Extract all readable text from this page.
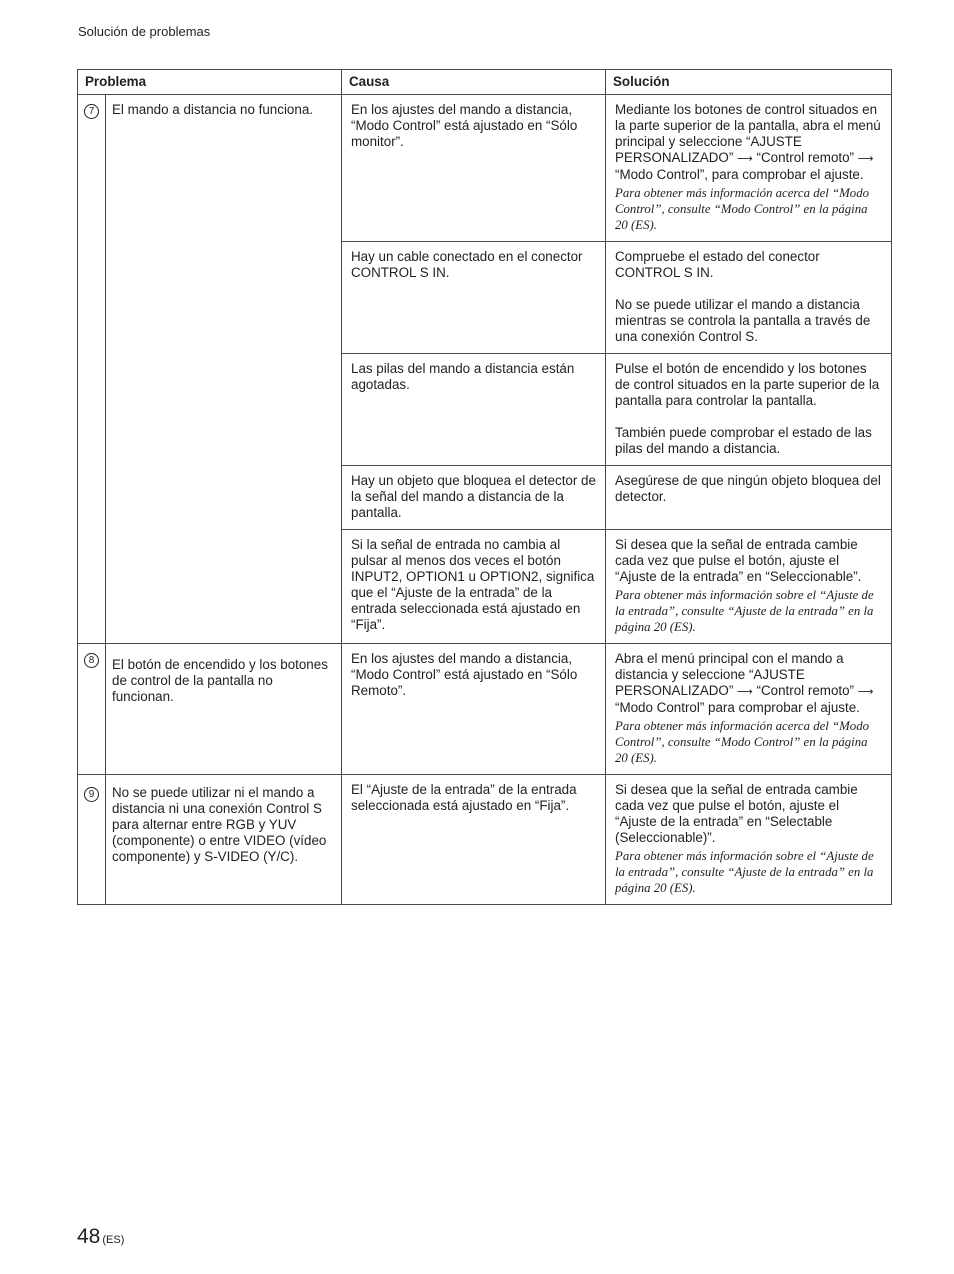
Solución de problemas
Problema		Causa	Solución
7	El mando a distancia no funciona.	En los ajustes del mando a distancia, “Modo Control” está ajustado en “Sólo monitor”.	Mediante los botones de control situados en la parte superior de la pantalla, abra el menú principal y seleccione “AJUSTE PERSONALIZADO” ⟶ “Control remoto” ⟶ “Modo Control”, para comprobar el ajuste.
Para obtener más información acerca del “Modo Control”, consulte “Modo Control” en la página 20 (ES).

		Hay un cable conectado en el conector CONTROL S IN.	Compruebe el estado del conector CONTROL S IN.
No se puede utilizar el mando a distancia mientras se controla la pantalla a través de una conexión Control S.

		Las pilas del mando a distancia están agotadas.	Pulse el botón de encendido y los botones de control situados en la parte superior de la pantalla para controlar la pantalla.
También puede comprobar el estado de las pilas del mando a distancia.

		Hay un objeto que bloquea el detector de la señal del mando a distancia de la pantalla.	Asegúrese de que ningún objeto bloquea del detector.
		Si la señal de entrada no cambia al pulsar al menos dos veces el botón INPUT2, OPTION1 u OPTION2, significa que el “Ajuste de la entrada” de la entrada seleccionada está ajustado en “Fija”.	Si desea que la señal de entrada cambie cada vez que pulse el botón, ajuste el “Ajuste de la entrada” en “Seleccionable”.
Para obtener más información sobre el “Ajuste de la entrada”, consulte “Ajuste de la entrada” en la página 20 (ES).

8	El botón de encendido y los botones de control de la pantalla no funcionan.	En los ajustes del mando a distancia, “Modo Control” está ajustado en “Sólo Remoto”.	Abra el menú principal con el mando a distancia y seleccione “AJUSTE PERSONALIZADO” ⟶ “Control remoto” ⟶ “Modo Control” para comprobar el ajuste.
Para obtener más información acerca del “Modo Control”, consulte “Modo Control” en la página 20 (ES).

9	No se puede utilizar ni el mando a distancia ni una conexión Control S para alternar entre RGB y YUV (componente) o entre VIDEO (vídeo componente) y S-VIDEO (Y/C).	El “Ajuste de la entrada” de la entrada seleccionada está ajustado en “Fija”.	Si desea que la señal de entrada cambie cada vez que pulse el botón, ajuste el “Ajuste de la entrada” en “Selectable (Seleccionable)”.
Para obtener más información sobre el “Ajuste de la entrada”, consulte “Ajuste de la entrada” en la página 20 (ES).
48 (ES)
